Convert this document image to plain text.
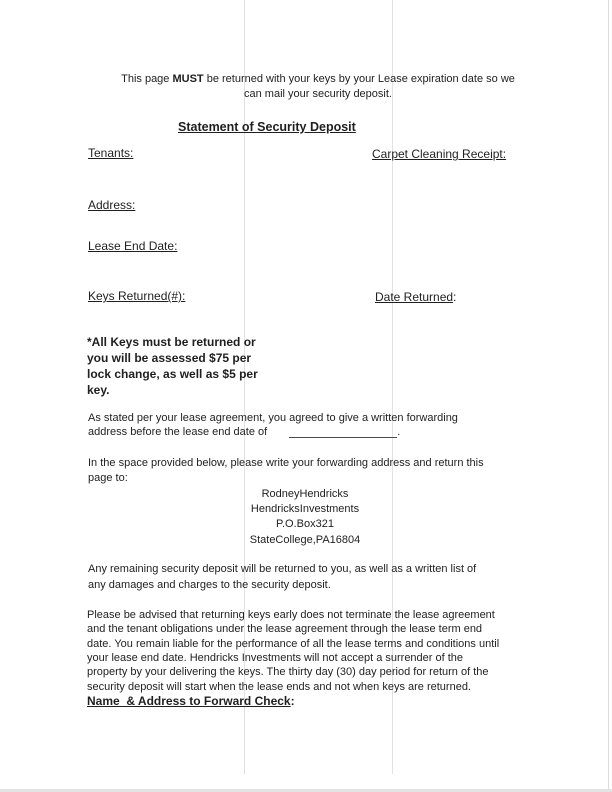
This page MUST be returned with your keys by your Lease expiration date so we
can mail your security deposit.
Statement of Security Deposit
Tenants:	Carpet Cleaning Receipt:
Address:
Lease End Date:
Keys Returned(#):	Date Returned:
*All Keys must be returned or
you will be assessed $75 per
lock change, as well as $5 per
key.
As stated per your lease agreement, you agreed to give a written forwarding
address before the lease end date of	.
In the space provided below, please write your forwarding address and return this
page to:
RodneyHendricks
HendricksInvestments
P.O.Box321
StateCollege,PA16804
Any remaining security deposit will be returned to you, as well as a written list of
any damages and charges to the security deposit.
Please be advised that returning keys early does not terminate the lease agreement
and the tenant obligations under the lease agreement through the lease term end
date. You remain liable for the performance of all the lease terms and conditions until
your lease end date. Hendricks Investments will not accept a surrender of the
property by your delivering the keys. The thirty day (30) day period for return of the
security deposit will start when the lease ends and not when keys are returned.
Name  & Address to Forward Check:
